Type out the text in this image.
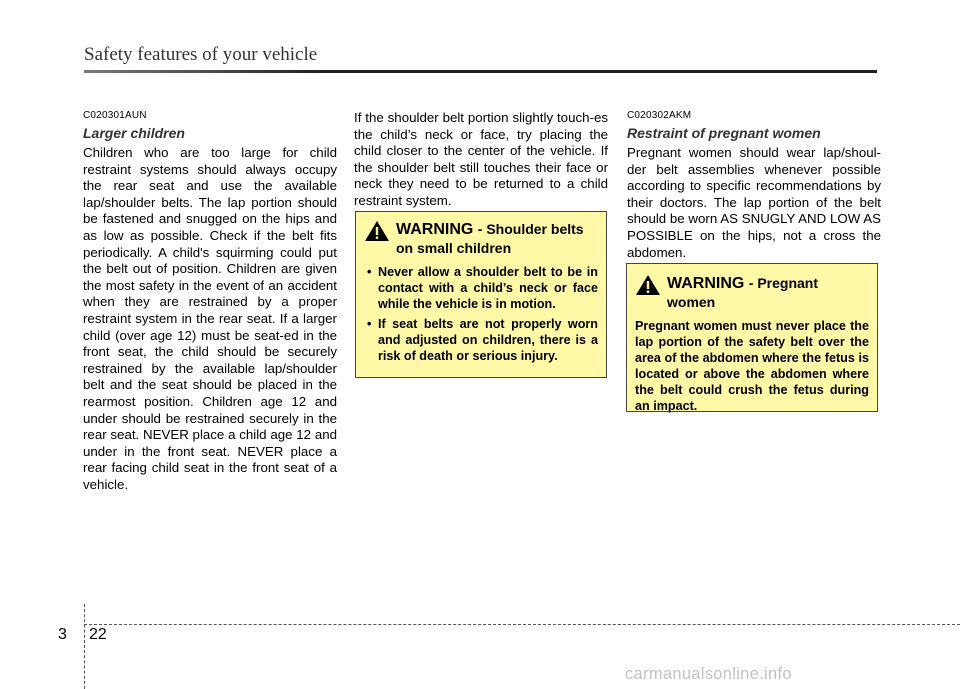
Safety features of your vehicle

C020301AUN

Larger children

Children who are too large for child restraint systems should always occupy the rear seat and use the available lap/shoulder belts. The lap portion should be fastened and snugged on the hips and as low as possible. Check if the belt fits periodically. A child's squirming could put the belt out of position. Children are given the most safety in the event of an accident when they are restrained by a proper restraint system in the rear seat. If a larger child (over age 12) must be seat-ed in the front seat, the child should be securely restrained by the available lap/shoulder belt and the seat should be placed in the rearmost position. Children age 12 and under should be restrained securely in the rear seat. NEVER place a child age 12 and under in the front seat. NEVER place a rear facing child seat in the front seat of a vehicle.

If the shoulder belt portion slightly touch-es the child’s neck or face, try placing the child closer to the center of the vehicle. If the shoulder belt still touches their face or neck they need to be returned to a child restraint system.

WARNING - Shoulder belts on small children
• Never allow a shoulder belt to be in contact with a child’s neck or face while the vehicle is in motion.
• If seat belts are not properly worn and adjusted on children, there is a risk of death or serious injury.

C020302AKM

Restraint of pregnant women

Pregnant women should wear lap/shoul-der belt assemblies whenever possible according to specific recommendations by their doctors. The lap portion of the belt should be worn AS SNUGLY AND LOW AS POSSIBLE on the hips, not a cross the abdomen.

WARNING - Pregnant women

Pregnant women must never place the lap portion of the safety belt over the area of the abdomen where the fetus is located or above the abdomen where the belt could crush the fetus during an impact.

3 22
carmanualsonline.info
